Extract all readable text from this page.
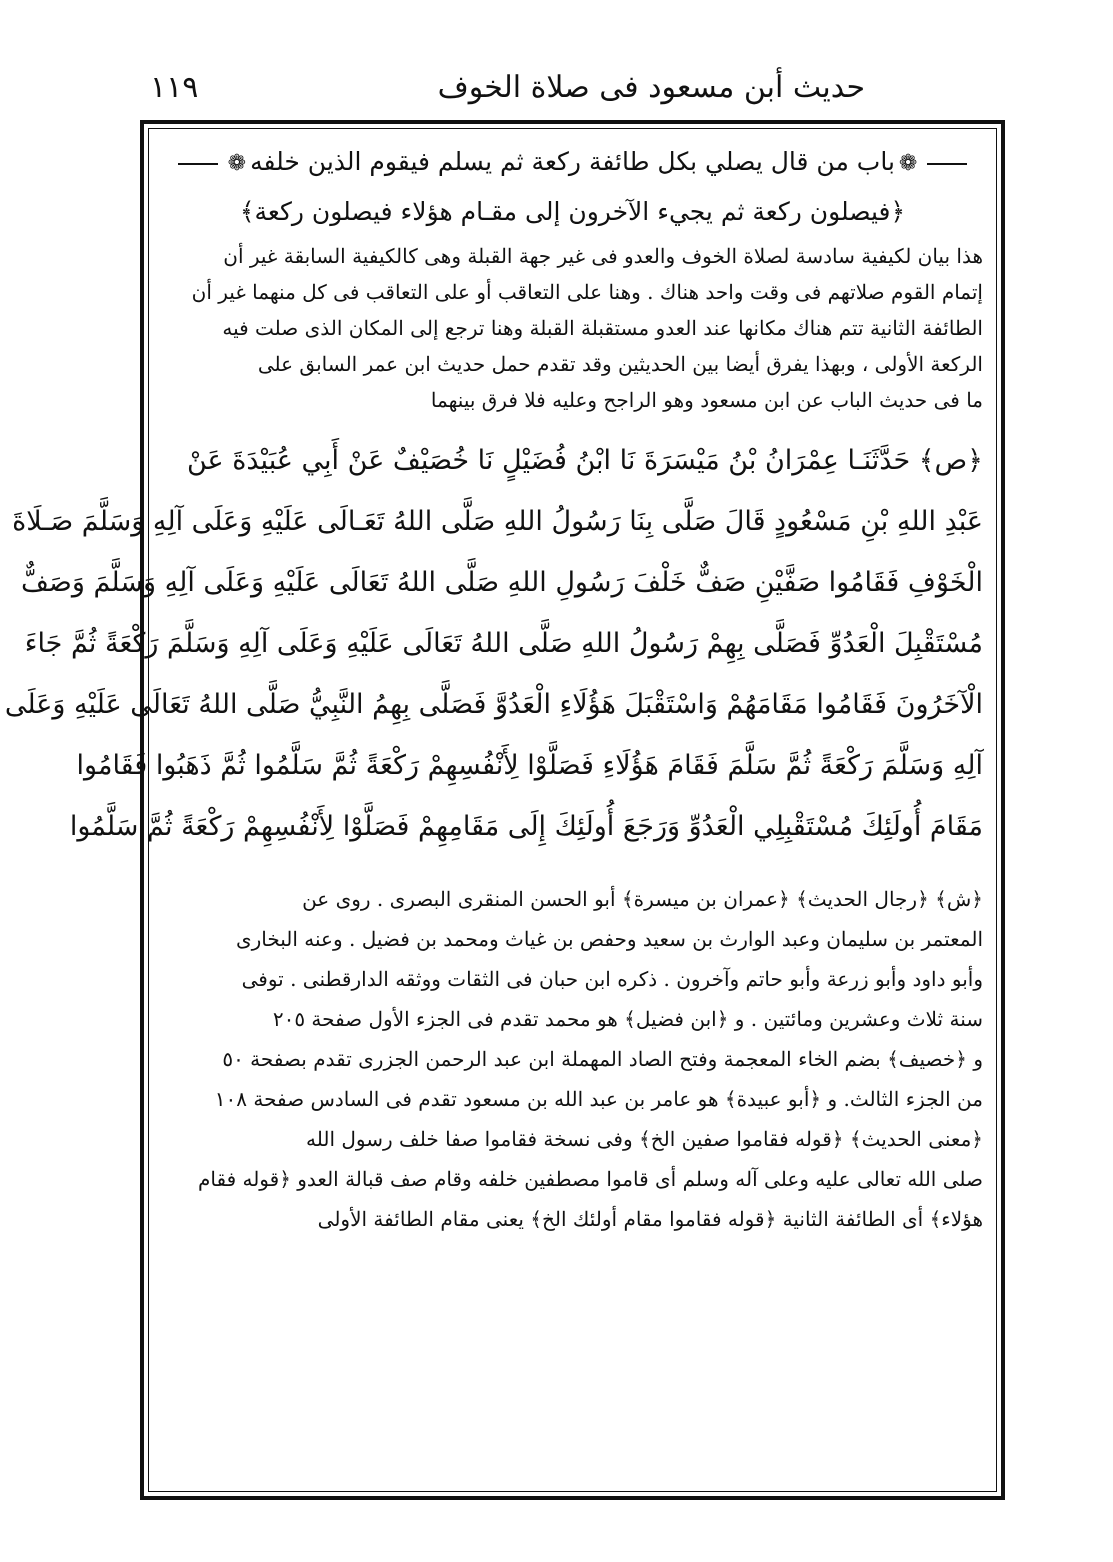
حديث أبن مسعود فى صلاة الخوف
١١٩
❁باب من قال يصلي بكل طائفة ركعة ثم يسلم فيقوم الذين خلفه❁
﴿فيصلون ركعة ثم يجيء الآخرون إلى مقـام هؤلاء فيصلون ركعة﴾
هذا بيان لكيفية سادسة لصلاة الخوف والعدو فى غير جهة القبلة وهى كالكيفية السابقة غير أن
إتمام القوم صلاتهم فى وقت واحد هناك . وهنا على التعاقب أو على التعاقب فى كل منهما غير أن
الطائفة الثانية تتم هناك مكانها عند العدو مستقبلة القبلة وهنا ترجع إلى المكان الذى صلت فيه
الركعة الأولى ، وبهذا يفرق أيضا بين الحديثين وقد تقدم حمل حديث ابن عمر السابق على
ما فى حديث الباب عن ابن مسعود وهو الراجح وعليه فلا فرق بينهما
﴿ص﴾ حَدَّثَنَـا عِمْرَانُ بْنُ مَيْسَرَةَ نَا ابْنُ فُضَيْلٍ نَا خُصَيْفٌ عَنْ أَبِي عُبَيْدَةَ عَنْ
عَبْدِ اللهِ بْنِ مَسْعُودٍ قَالَ صَلَّى بِنَا رَسُولُ اللهِ صَلَّى اللهُ تَعَـالَى عَلَيْهِ وَعَلَى آلِهِ وَسَلَّمَ صَـلَاةَ
الْخَوْفِ فَقَامُوا صَفَّيْنِ صَفٌّ خَلْفَ رَسُولِ اللهِ صَلَّى اللهُ تَعَالَى عَلَيْهِ وَعَلَى آلِهِ وَسَلَّمَ وَصَفٌّ
مُسْتَقْبِلَ الْعَدُوِّ فَصَلَّى بِهِمْ رَسُولُ اللهِ صَلَّى اللهُ تَعَالَى عَلَيْهِ وَعَلَى آلِهِ وَسَلَّمَ رَكْعَةً ثُمَّ جَاءَ
الْآخَرُونَ فَقَامُوا مَقَامَهُمْ وَاسْتَقْبَلَ هَؤُلَاءِ الْعَدُوَّ فَصَلَّى بِهِمُ النَّبِيُّ صَلَّى اللهُ تَعَالَى عَلَيْهِ وَعَلَى
آلِهِ وَسَلَّمَ رَكْعَةً ثُمَّ سَلَّمَ فَقَامَ هَؤُلَاءِ فَصَلَّوْا لِأَنْفُسِهِمْ رَكْعَةً ثُمَّ سَلَّمُوا ثُمَّ ذَهَبُوا فَقَامُوا
مَقَامَ أُولَئِكَ مُسْتَقْبِلِي الْعَدُوِّ وَرَجَعَ أُولَئِكَ إِلَى مَقَامِهِمْ فَصَلَّوْا لِأَنْفُسِهِمْ رَكْعَةً ثُمَّ سَلَّمُوا
﴿ش﴾ ﴿رجال الحديث﴾ ﴿عمران بن ميسرة﴾ أبو الحسن المنقرى البصرى . روى عن
المعتمر بن سليمان وعبد الوارث بن سعيد وحفص بن غياث ومحمد بن فضيل . وعنه البخارى
وأبو داود وأبو زرعة وأبو حاتم وآخرون . ذكره ابن حبان فى الثقات ووثقه الدارقطنى . توفى
سنة ثلاث وعشرين ومائتين . و ﴿ابن فضيل﴾ هو محمد تقدم فى الجزء الأول صفحة ٢٠٥
و ﴿خصيف﴾ بضم الخاء المعجمة وفتح الصاد المهملة ابن عبد الرحمن الجزرى تقدم بصفحة ٥٠
من الجزء الثالث. و ﴿أبو عبيدة﴾ هو عامر بن عبد الله بن مسعود تقدم فى السادس صفحة ١٠٨
﴿معنى الحديث﴾ ﴿قوله فقاموا صفين الخ﴾ وفى نسخة فقاموا صفا خلف رسول الله
صلى الله تعالى عليه وعلى آله وسلم أى قاموا مصطفين خلفه وقام صف قبالة العدو ﴿قوله فقام
هؤلاء﴾ أى الطائفة الثانية ﴿قوله فقاموا مقام أولئك الخ﴾ يعنى مقام الطائفة الأولى
